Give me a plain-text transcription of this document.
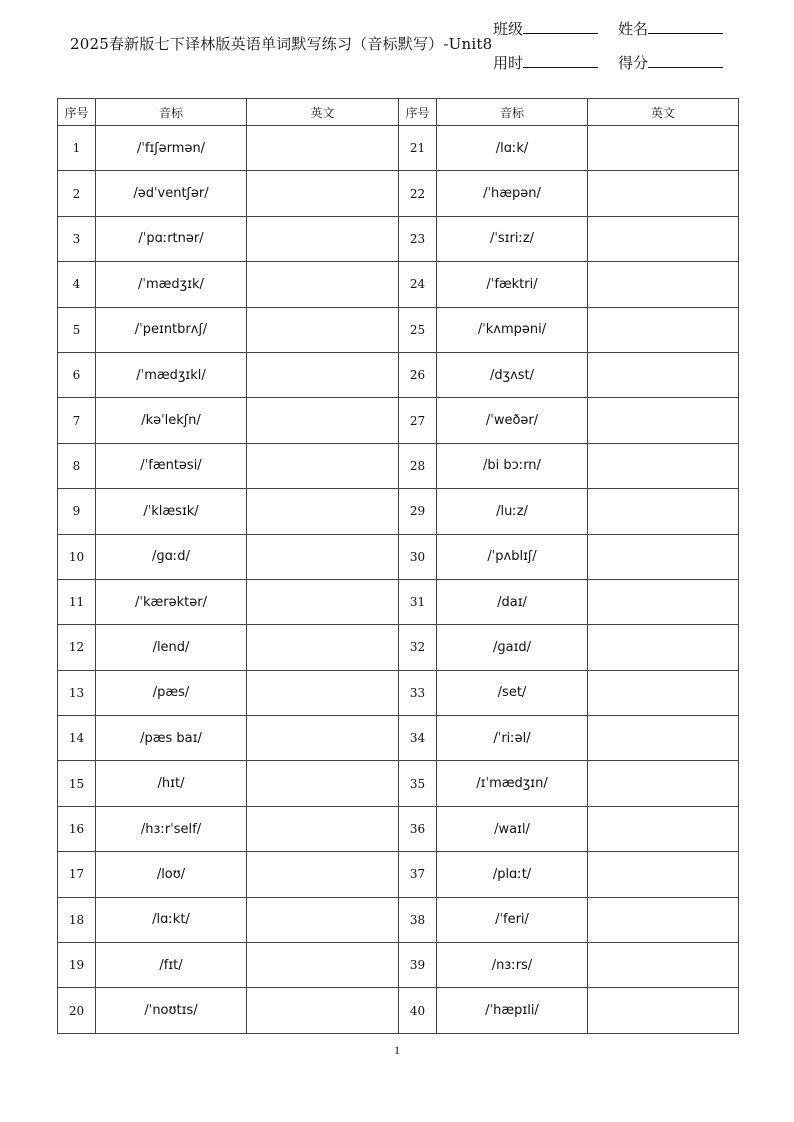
2025春新版七下译林版英语单词默写练习（音标默写）-Unit8
班级	姓名
用时	得分
序号	音标	英文	序号	音标	英文
1	/ˈfɪʃərmən/		21	/lɑːk/	
2	/ədˈventʃər/		22	/ˈhæpən/	
3	/ˈpɑːrtnər/		23	/ˈsɪriːz/	
4	/ˈmædʒɪk/		24	/ˈfæktri/	
5	/ˈpeɪntbrʌʃ/		25	/ˈkʌmpəni/	
6	/ˈmædʒɪkl/		26	/dʒʌst/	
7	/kəˈlekʃn/		27	/ˈweðər/	
8	/ˈfæntəsi/		28	/bi bɔːrn/	
9	/ˈklæsɪk/		29	/luːz/	
10	/ɡɑːd/		30	/ˈpʌblɪʃ/	
11	/ˈkærəktər/		31	/daɪ/	
12	/lend/		32	/ɡaɪd/	
13	/pæs/		33	/set/	
14	/pæs baɪ/		34	/ˈriːəl/	
15	/hɪt/		35	/ɪˈmædʒɪn/	
16	/hɜːrˈself/		36	/waɪl/	
17	/loʊ/		37	/plɑːt/	
18	/lɑːkt/		38	/ˈferi/	
19	/fɪt/		39	/nɜːrs/	
20	/ˈnoʊtɪs/		40	/ˈhæpɪli/	
1
